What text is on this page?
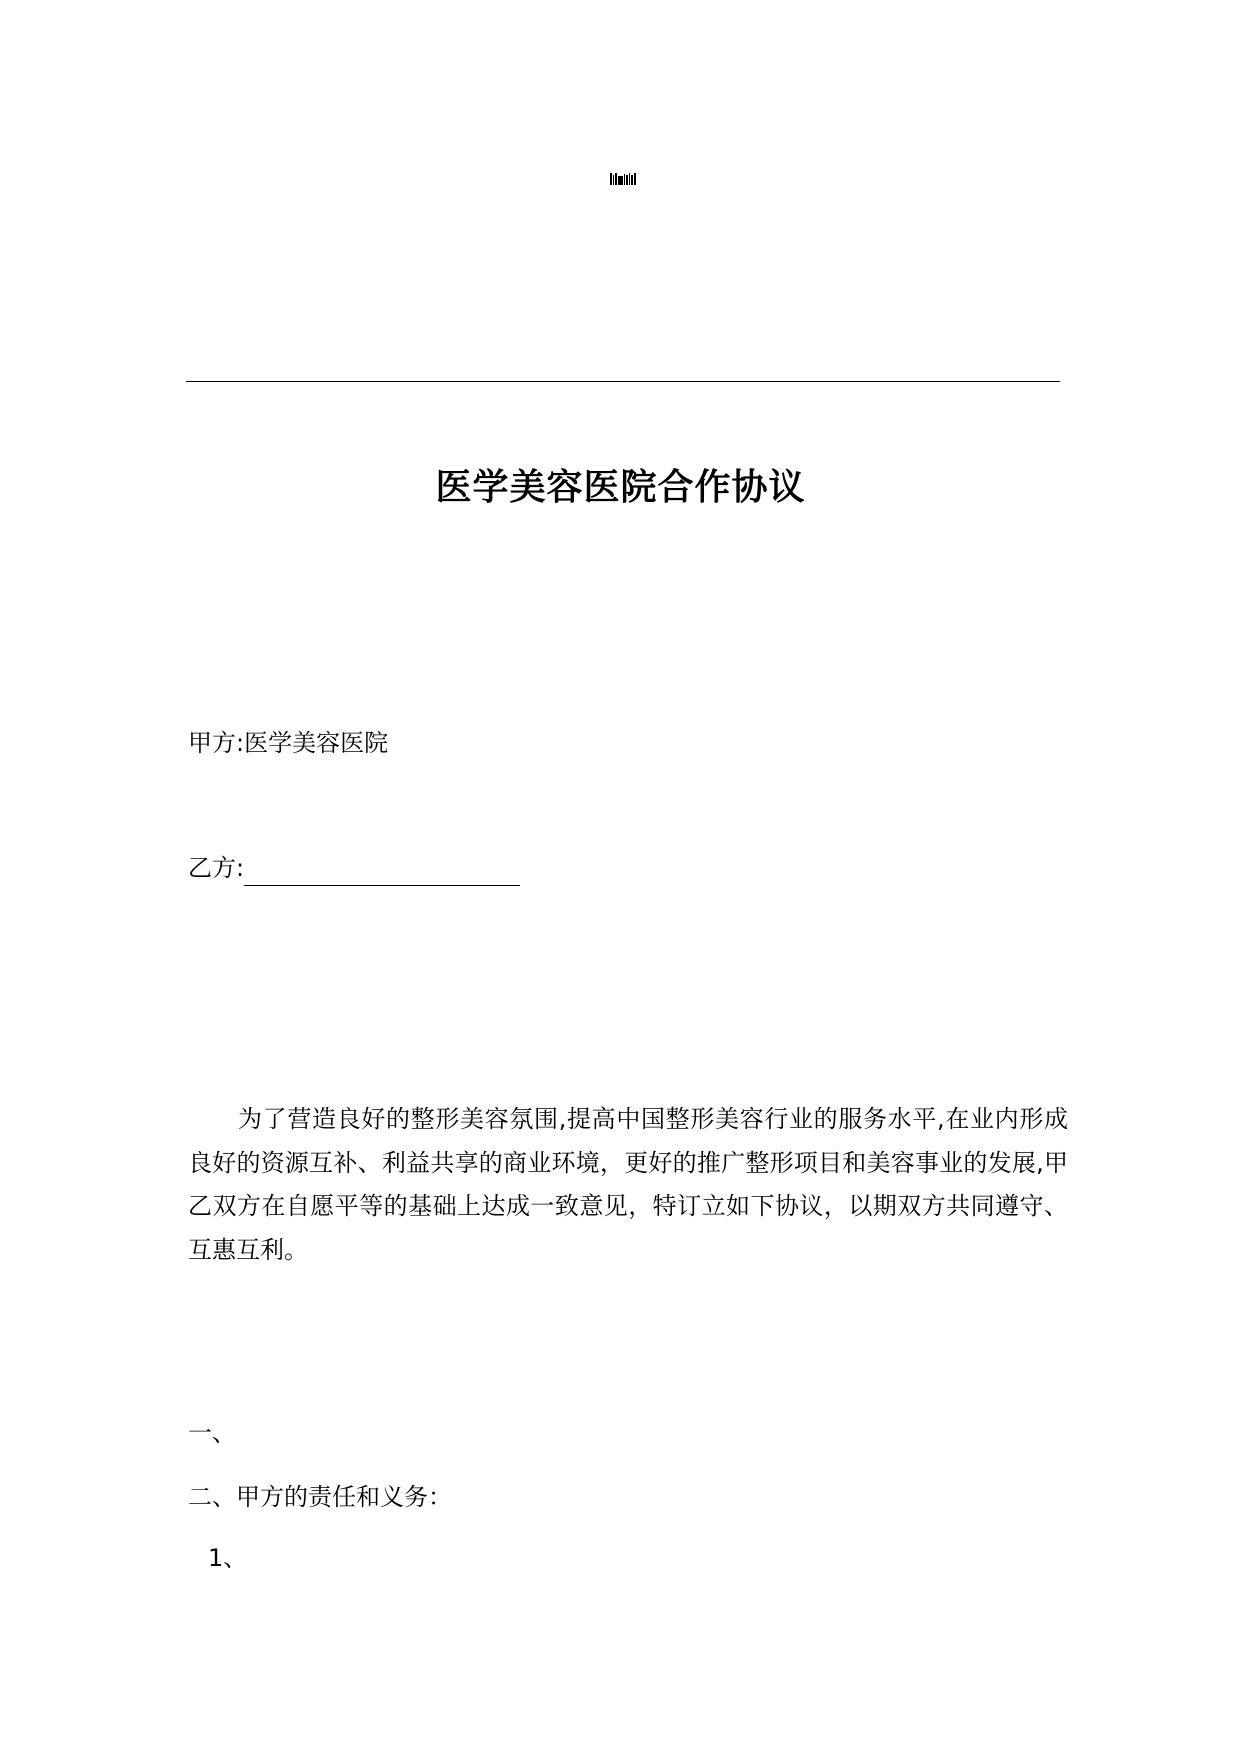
医学美容医院合作协议
甲方:医学美容医院
乙方:

为了营造良好的整形美容氛围,提高中国整形美容行业的服务水平,在业内形成良好的资源互补、利益共享的商业环境，更好的推广整形项目和美容事业的发展,甲乙双方在自愿平等的基础上达成一致意见，特订立如下协议，以期双方共同遵守、互惠互利。

一、
二、甲方的责任和义务：
1、
